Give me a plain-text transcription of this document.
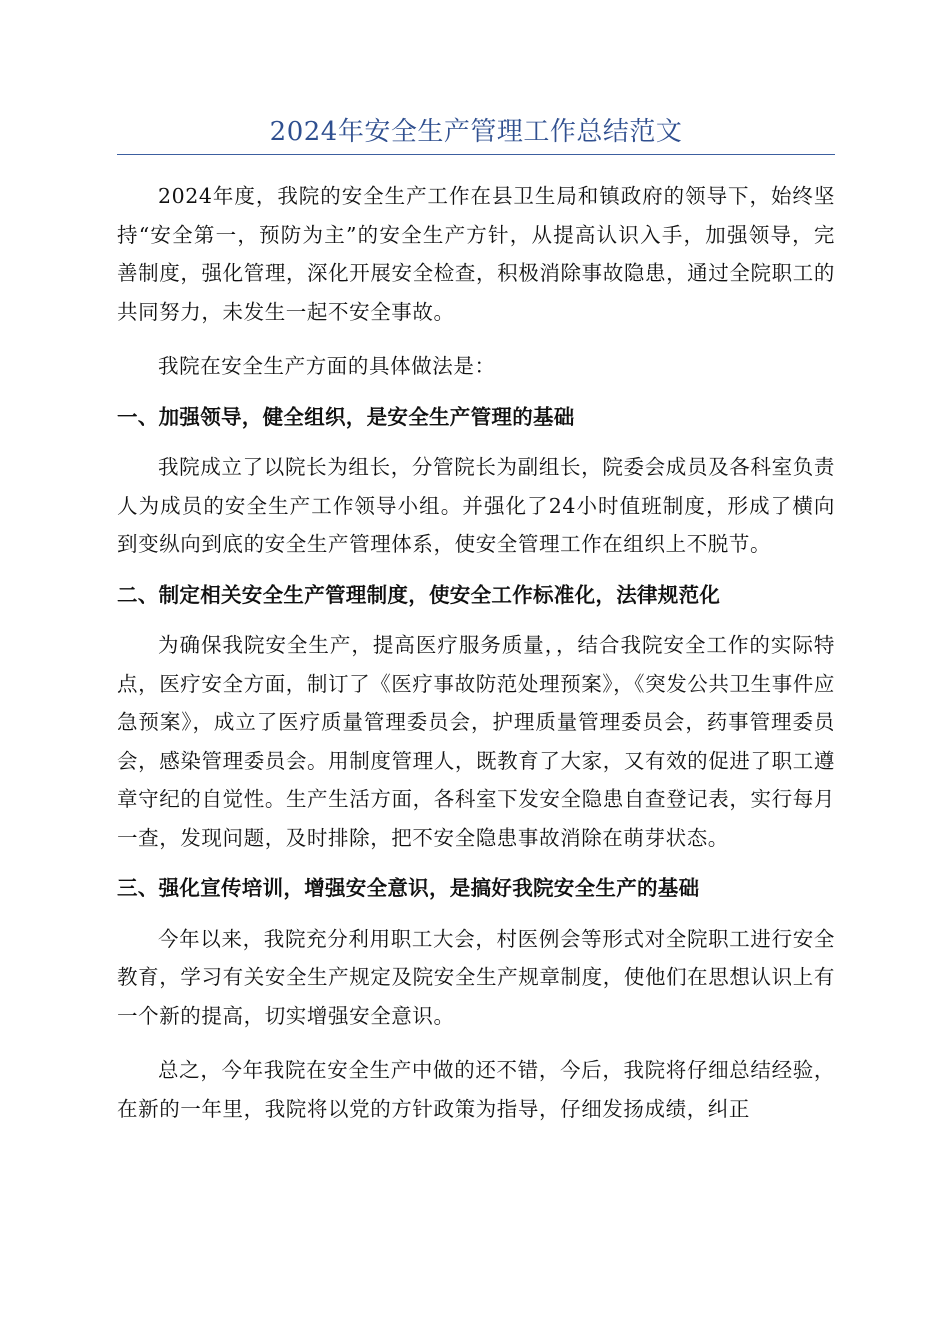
2024年安全生产管理工作总结范文

2024年度，我院的安全生产工作在县卫生局和镇政府的领导下，始终坚持“安全第一，预防为主”的安全生产方针，从提高认识入手，加强领导，完善制度，强化管理，深化开展安全检查，积极消除事故隐患，通过全院职工的共同努力，未发生一起不安全事故。

我院在安全生产方面的具体做法是：

一、加强领导，健全组织，是安全生产管理的基础

我院成立了以院长为组长，分管院长为副组长，院委会成员及各科室负责人为成员的安全生产工作领导小组。并强化了24小时值班制度，形成了横向到变纵向到底的安全生产管理体系，使安全管理工作在组织上不脱节。

二、制定相关安全生产管理制度，使安全工作标准化，法律规范化

为确保我院安全生产，提高医疗服务质量，，结合我院安全工作的实际特点，医疗安全方面，制订了《医疗事故防范处理预案》，《突发公共卫生事件应急预案》，成立了医疗质量管理委员会，护理质量管理委员会，药事管理委员会，感染管理委员会。用制度管理人，既教育了大家，又有效的促进了职工遵章守纪的自觉性。生产生活方面，各科室下发安全隐患自查登记表，实行每月一查，发现问题，及时排除，把不安全隐患事故消除在萌芽状态。

三、强化宣传培训，增强安全意识，是搞好我院安全生产的基础

今年以来，我院充分利用职工大会，村医例会等形式对全院职工进行安全教育，学习有关安全生产规定及院安全生产规章制度，使他们在思想认识上有一个新的提高，切实增强安全意识。

总之，今年我院在安全生产中做的还不错，今后，我院将仔细总结经验，在新的一年里，我院将以党的方针政策为指导，仔细发扬成绩，纠正
